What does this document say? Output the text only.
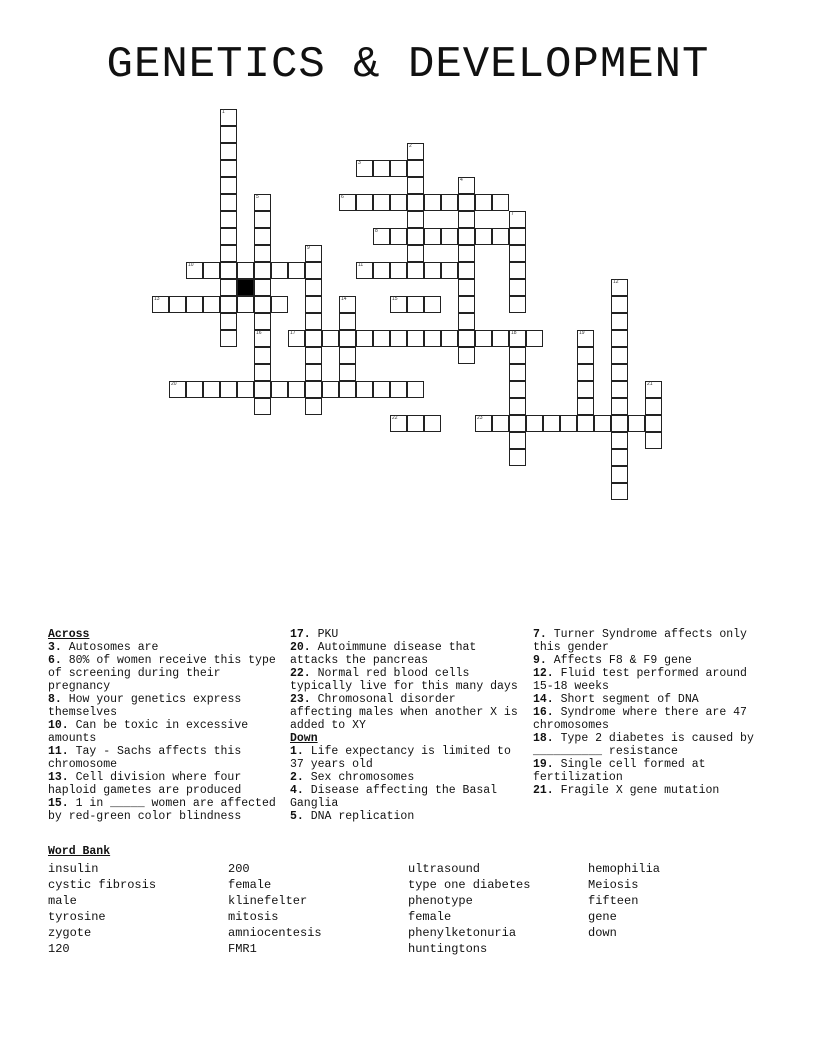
GENETICS & DEVELOPMENT
1
2
3
4
5
16
6
7
8
9
10	11
12
13	14	15
17	18	19
20	21
22	23

Across

3. Autosomes are

6. 80% of women receive this type of screening during their pregnancy

8. How your genetics express themselves

10. Can be toxic in excessive amounts

11. Tay - Sachs affects this chromosome

13. Cell division where four haploid gametes are produced

15. 1 in _____ women are affected by red-green color blindness

17. PKU

20. Autoimmune disease that attacks the pancreas

22. Normal red blood cells typically live for this many days

23. Chromosonal disorder affecting males when another X is added to XY

Down

1. Life expectancy is limited to 37 years old

2. Sex chromosomes

4. Disease affecting the Basal Ganglia

5. DNA replication

7. Turner Syndrome affects only this gender

9. Affects F8 & F9 gene

12. Fluid test performed around 15-18 weeks

14. Short segment of DNA

16. Syndrome where there are 47 chromosomes

18. Type 2 diabetes is caused by __________ resistance

19. Single cell formed at fertilization

21. Fragile X gene mutation

Word Bank
insulin
cystic fibrosis
male
tyrosine
zygote
120
200
female
klinefelter
mitosis
amniocentesis
FMR1
ultrasound
type one diabetes
phenotype
female
phenylketonuria
huntingtons
hemophilia
Meiosis
fifteen
gene
down
